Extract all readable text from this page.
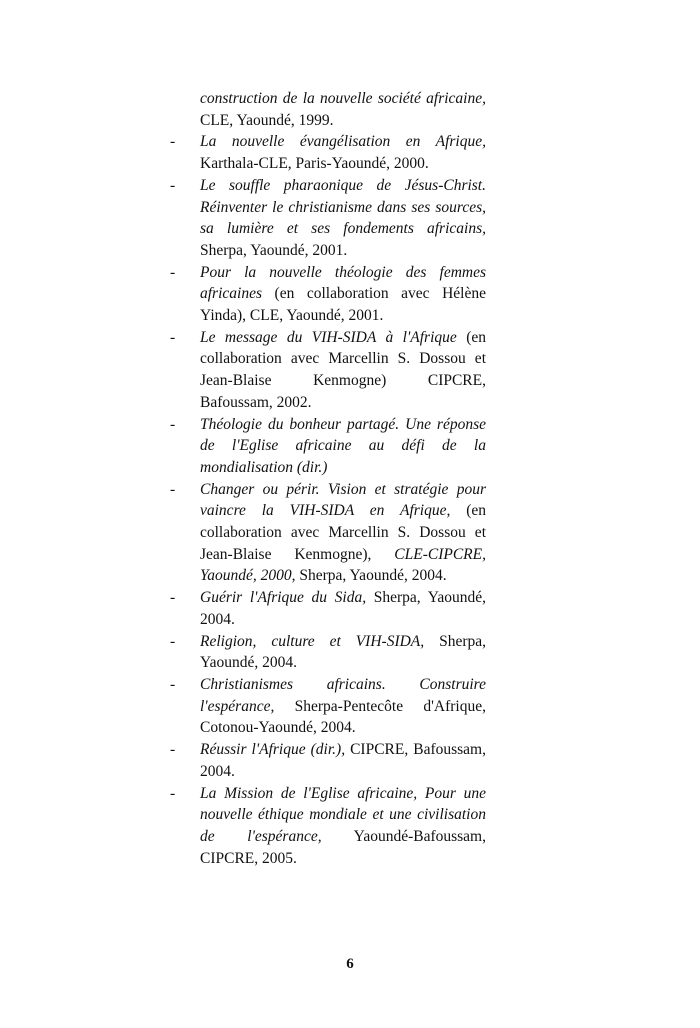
construction de la nouvelle société africaine, CLE, Yaoundé, 1999.
- La nouvelle évangélisation en Afrique, Karthala-CLE, Paris-Yaoundé, 2000.
- Le souffle pharaonique de Jésus-Christ. Réinventer le christianisme dans ses sources, sa lumière et ses fondements africains, Sherpa, Yaoundé, 2001.
- Pour la nouvelle théologie des femmes africaines (en collaboration avec Hélène Yinda), CLE, Yaoundé, 2001.
- Le message du VIH-SIDA à l'Afrique (en collaboration avec Marcellin S. Dossou et Jean-Blaise Kenmogne) CIPCRE, Bafoussam, 2002.
- Théologie du bonheur partagé. Une réponse de l'Eglise africaine au défi de la mondialisation (dir.)
- Changer ou périr. Vision et stratégie pour vaincre la VIH-SIDA en Afrique, (en collaboration avec Marcellin S. Dossou et Jean-Blaise Kenmogne), CLE-CIPCRE, Yaoundé, 2000, Sherpa, Yaoundé, 2004.
- Guérir l'Afrique du Sida, Sherpa, Yaoundé, 2004.
- Religion, culture et VIH-SIDA, Sherpa, Yaoundé, 2004.
- Christianismes africains. Construire l'espérance, Sherpa-Pentecôte d'Afrique, Cotonou-Yaoundé, 2004.
- Réussir l'Afrique (dir.), CIPCRE, Bafoussam, 2004.
- La Mission de l'Eglise africaine, Pour une nouvelle éthique mondiale et une civilisation de l'espérance, Yaoundé-Bafoussam, CIPCRE, 2005.
6
